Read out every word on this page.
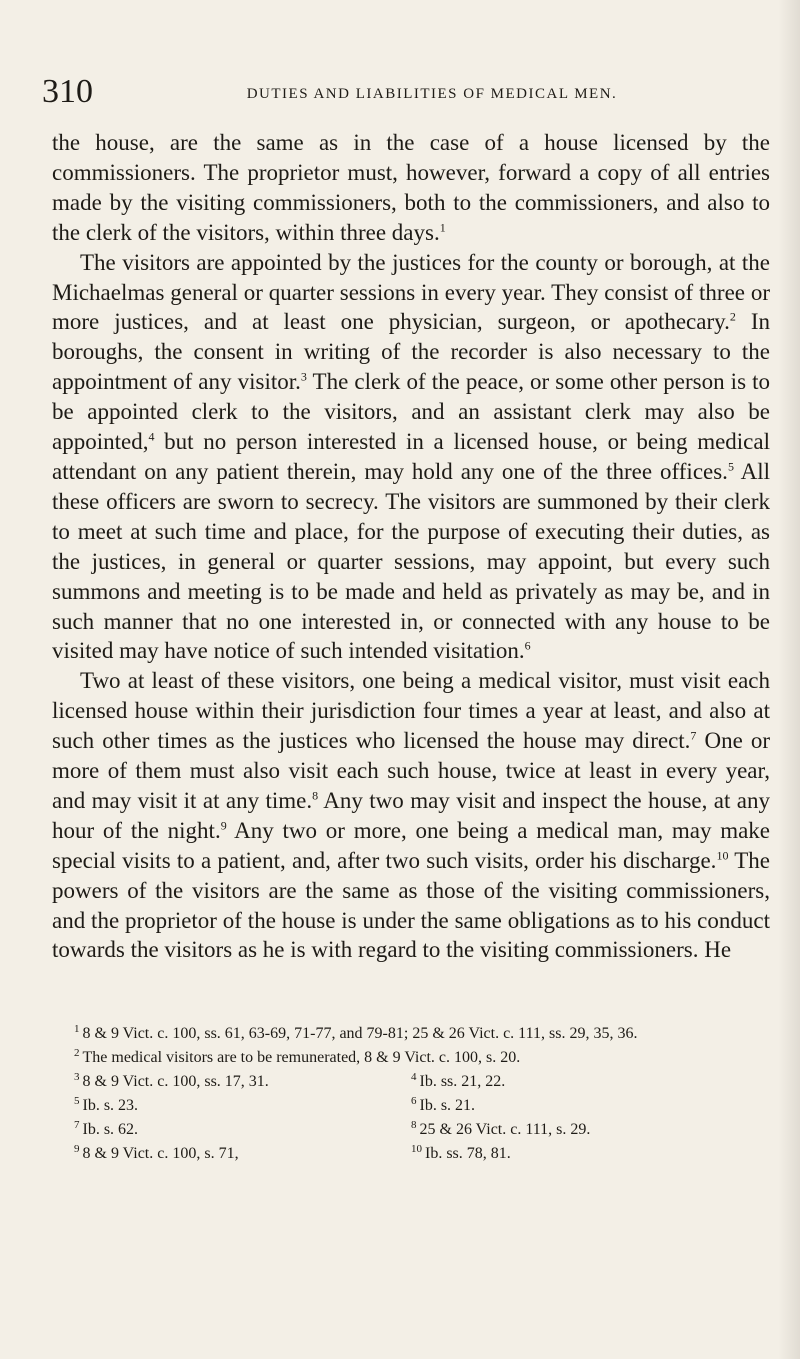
310	DUTIES AND LIABILITIES OF MEDICAL MEN.

the house, are the same as in the case of a house licensed by the commissioners. The proprietor must, however, forward a copy of all entries made by the visiting commissioners, both to the commissioners, and also to the clerk of the visitors, within three days.$^1$

The visitors are appointed by the justices for the county or borough, at the Michaelmas general or quarter sessions in every year. They consist of three or more justices, and at least one physician, surgeon, or apothecary.$^2$ In boroughs, the consent in writing of the recorder is also necessary to the appointment of any visitor.$^3$ The clerk of the peace, or some other person is to be appointed clerk to the visitors, and an assistant clerk may also be appointed,$^4$ but no person interested in a licensed house, or being medical attendant on any patient therein, may hold any one of the three offices.$^5$ All these officers are sworn to secrecy. The visitors are summoned by their clerk to meet at such time and place, for the purpose of executing their duties, as the justices, in general or quarter sessions, may appoint, but every such summons and meeting is to be made and held as privately as may be, and in such manner that no one interested in, or connected with any house to be visited may have notice of such intended visitation.$^6$

Two at least of these visitors, one being a medical visitor, must visit each licensed house within their jurisdiction four times a year at least, and also at such other times as the justices who licensed the house may direct.$^7$ One or more of them must also visit each such house, twice at least in every year, and may visit it at any time.$^8$ Any two may visit and inspect the house, at any hour of the night.$^9$ Any two or more, one being a medical man, may make special visits to a patient, and, after two such visits, order his discharge.$^{10}$ The powers of the visitors are the same as those of the visiting commissioners, and the proprietor of the house is under the same obligations as to his conduct towards the visitors as he is with regard to the visiting commissioners. He

$^1$ 8 & 9 Vict. c. 100, ss. 61, 63-69, 71-77, and 79-81; 25 & 26 Vict. c. 111, ss. 29, 35, 36.
$^2$ The medical visitors are to be remunerated, 8 & 9 Vict. c. 100, s. 20.
$^3$ 8 & 9 Vict. c. 100, ss. 17, 31.	$^4$ Ib. ss. 21, 22.
$^5$ Ib. s. 23.	$^6$ Ib. s. 21.
$^7$ Ib. s. 62.	$^8$ 25 & 26 Vict. c. 111, s. 29.
$^9$ 8 & 9 Vict. c. 100, s. 71,	$^{10}$ Ib. ss. 78, 81.
